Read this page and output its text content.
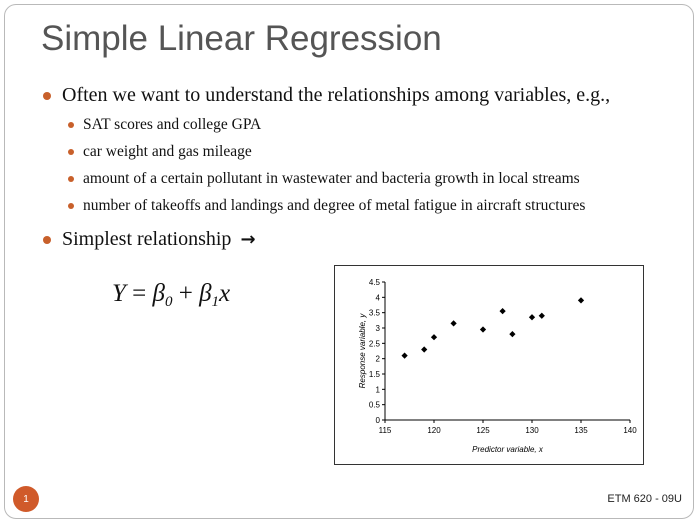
Simple Linear Regression
Often we want to understand the relationships among variables, e.g.,
SAT scores and college GPA
car weight and gas mileage
amount of a certain pollutant in wastewater and bacteria growth in local streams
number of takeoffs and landings and degree of metal fatigue in aircraft structures
Simplest relationship →
$Y = \beta_0 + \beta_1x$
0
0.5
1
1.5
2
2.5
3
3.5
4
4.5
115	120	125	130	135	140
Predictor variable, x
Response variable, y
1	ETM 620 - 09U
